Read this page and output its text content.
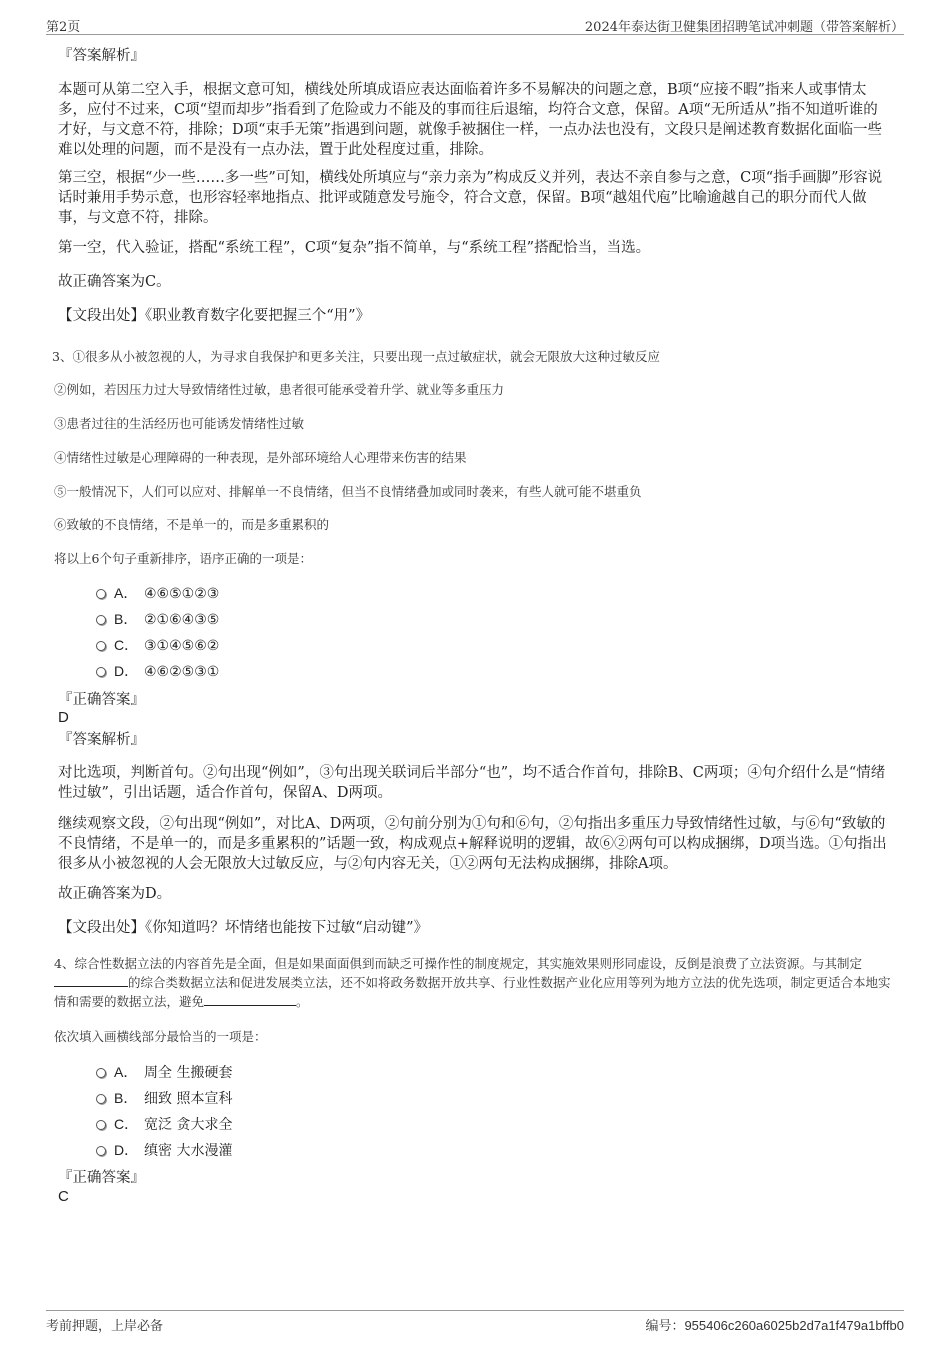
第2页	2024年泰达街卫健集团招聘笔试冲刺题（带答案解析）
『答案解析』

本题可从第二空入手，根据文意可知，横线处所填成语应表达面临着许多不易解决的问题之意，B项“应接不暇”指来人或事情太多，应付不过来，C项“望而却步”指看到了危险或力不能及的事而往后退缩，均符合文意，保留。A项“无所适从”指不知道听谁的才好，与文意不符，排除；D项“束手无策”指遇到问题，就像手被捆住一样，一点办法也没有，文段只是阐述教育数据化面临一些难以处理的问题，而不是没有一点办法，置于此处程度过重，排除。

第三空，根据“少一些……多一些”可知，横线处所填应与“亲力亲为”构成反义并列，表达不亲自参与之意，C项“指手画脚”形容说话时兼用手势示意，也形容轻率地指点、批评或随意发号施令，符合文意，保留。B项“越俎代庖”比喻逾越自己的职分而代人做事，与文意不符，排除。

第一空，代入验证，搭配“系统工程”，C项“复杂”指不简单，与“系统工程”搭配恰当，当选。

故正确答案为C。

【文段出处】《职业教育数字化要把握三个“用”》

3、①很多从小被忽视的人，为寻求自我保护和更多关注，只要出现一点过敏症状，就会无限放大这种过敏反应

②例如，若因压力过大导致情绪性过敏，患者很可能承受着升学、就业等多重压力

③患者过往的生活经历也可能诱发情绪性过敏

④情绪性过敏是心理障碍的一种表现，是外部环境给人心理带来伤害的结果

⑤一般情况下，人们可以应对、排解单一不良情绪，但当不良情绪叠加或同时袭来，有些人就可能不堪重负

⑥致敏的不良情绪，不是单一的，而是多重累积的

将以上6个句子重新排序，语序正确的一项是：

A． ④⑥⑤①②③
B． ②①⑥④③⑤
C． ③①④⑤⑥②
D． ④⑥②⑤③①
『正确答案』
D
『答案解析』

对比选项，判断首句。②句出现“例如”，③句出现关联词后半部分“也”，均不适合作首句，排除B、C两项；④句介绍什么是“情绪性过敏”，引出话题，适合作首句，保留A、D两项。

继续观察文段，②句出现“例如”，对比A、D两项，②句前分别为①句和⑥句，②句指出多重压力导致情绪性过敏，与⑥句“致敏的不良情绪，不是单一的，而是多重累积的”话题一致，构成观点+解释说明的逻辑，故⑥②两句可以构成捆绑，D项当选。①句指出很多从小被忽视的人会无限放大过敏反应，与②句内容无关，①②两句无法构成捆绑，排除A项。

故正确答案为D。

【文段出处】《你知道吗？坏情绪也能按下过敏“启动键”》

4、综合性数据立法的内容首先是全面，但是如果面面俱到而缺乏可操作性的制度规定，其实施效果则形同虚设，反倒是浪费了立法资源。与其制定的综合类数据立法和促进发展类立法，还不如将政务数据开放共享、行业性数据产业化应用等列为地方立法的优先选项，制定更适合本地实情和需要的数据立法，避免	。

依次填入画横线部分最恰当的一项是：

A． 周全 生搬硬套
B． 细致 照本宣科
C． 宽泛 贪大求全
D． 缜密 大水漫灌
『正确答案』
C
考前押题，上岸必备	编号：955406c260a6025b2d7a1f479a1bffb0
